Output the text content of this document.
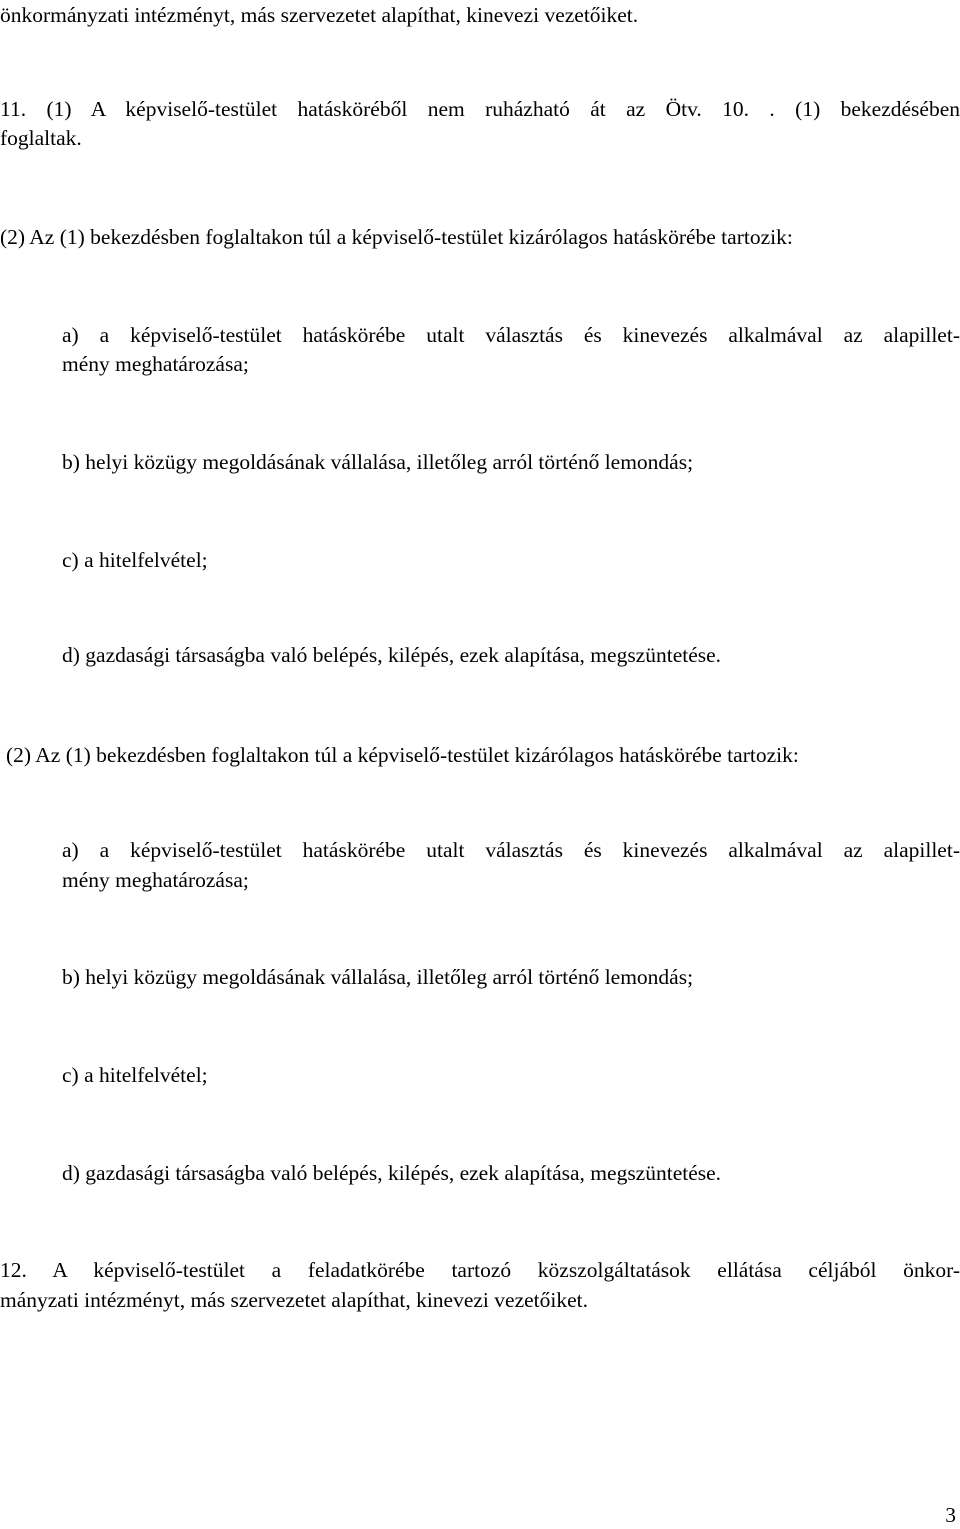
önkormányzati intézményt, más szervezetet alapíthat, kinevezi vezetőiket.
11. (1) A képviselő-testület hatásköréből nem ruházható át az Ötv. 10. . (1) bekezdésében
foglaltak.
(2) Az (1) bekezdésben foglaltakon túl a képviselő-testület kizárólagos hatáskörébe tartozik:
a) a képviselő-testület hatáskörébe utalt választás és kinevezés alkalmával az alapillet-
mény meghatározása;
b) helyi közügy megoldásának vállalása, illetőleg arról történő lemondás;
c) a hitelfelvétel;
d) gazdasági társaságba való belépés, kilépés, ezek alapítása, megszüntetése.
(2) Az (1) bekezdésben foglaltakon túl a képviselő-testület kizárólagos hatáskörébe tartozik:
a) a képviselő-testület hatáskörébe utalt választás és kinevezés alkalmával az alapillet-
mény meghatározása;
b) helyi közügy megoldásának vállalása, illetőleg arról történő lemondás;
c) a hitelfelvétel;
d) gazdasági társaságba való belépés, kilépés, ezek alapítása, megszüntetése.
12. A képviselő-testület a feladatkörébe tartozó közszolgáltatások ellátása céljából önkor-
mányzati intézményt, más szervezetet alapíthat, kinevezi vezetőiket.
3
